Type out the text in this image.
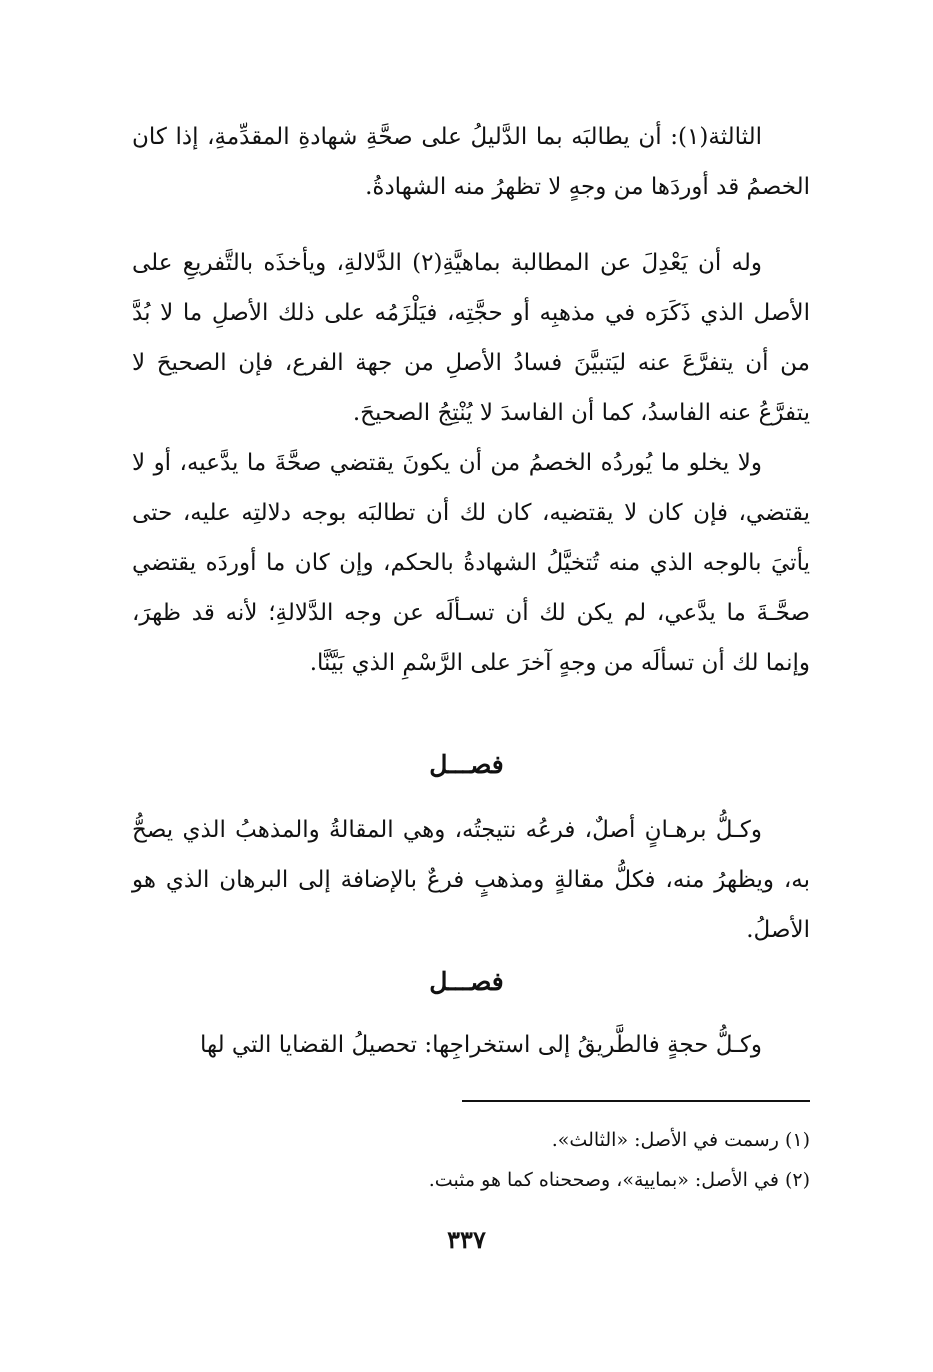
الثالثة(١): أن يطالبَه بما الدَّليلُ على صحَّةِ شهادةِ المقدِّمةِ، إذا كان الخصمُ قد أوردَها من وجهٍ لا تظهرُ منه الشهادةُ.

وله أن يَعْدِلَ عن المطالبة بماهيَّةِ(٢) الدَّلالةِ، ويأخذَه بالتَّفريعِ على الأصل الذي ذَكَرَه في مذهبِه أو حجَّتِه، فيَلْزَمُه على ذلك الأصلِ ما لا بُدَّ من أن يتفرَّعَ عنه ليَتبيَّنَ فسادُ الأصلِ من جهة الفرع، فإن الصحيحَ لا يتفرَّعُ عنه الفاسدُ، كما أن الفاسدَ لا يُنْتِجُ الصحيحَ.

ولا يخلو ما يُوردُه الخصمُ من أن يكونَ يقتضي صحَّةَ ما يدَّعيه، أو لا يقتضي، فإن كان لا يقتضيه، كان لك أن تطالبَه بوجه دلالتِه عليه، حتى يأتيَ بالوجه الذي منه تُتخيَّلُ الشهادةُ بالحكم، وإن كان ما أوردَه يقتضي صحَّـةَ ما يدَّعي، لم يكن لك أن تسـألَه عن وجه الدَّلالةِ؛ لأنه قد ظهرَ، وإنما لك أن تسألَه من وجهٍ آخرَ على الرَّسْمِ الذي بَيَّنَّا.

فصـــل

وكـلُّ برهـانٍ أصلٌ، فرعُه نتيجتُه، وهي المقالةُ والمذهبُ الذي يصحُّ به، ويظهرُ منه، فكلُّ مقالةٍ ومذهبٍ فرعٌ بالإضافة إلى البرهان الذي هو الأصلُ.

فصـــل

وكـلُّ حجةٍ فالطَّريقُ إلى استخراجِها: تحصيلُ القضايا التي لها

(١) رسمت في الأصل: «الثالث».
(٢) في الأصل: «بمايية»، وصححناه كما هو مثبت.
٣٣٧
